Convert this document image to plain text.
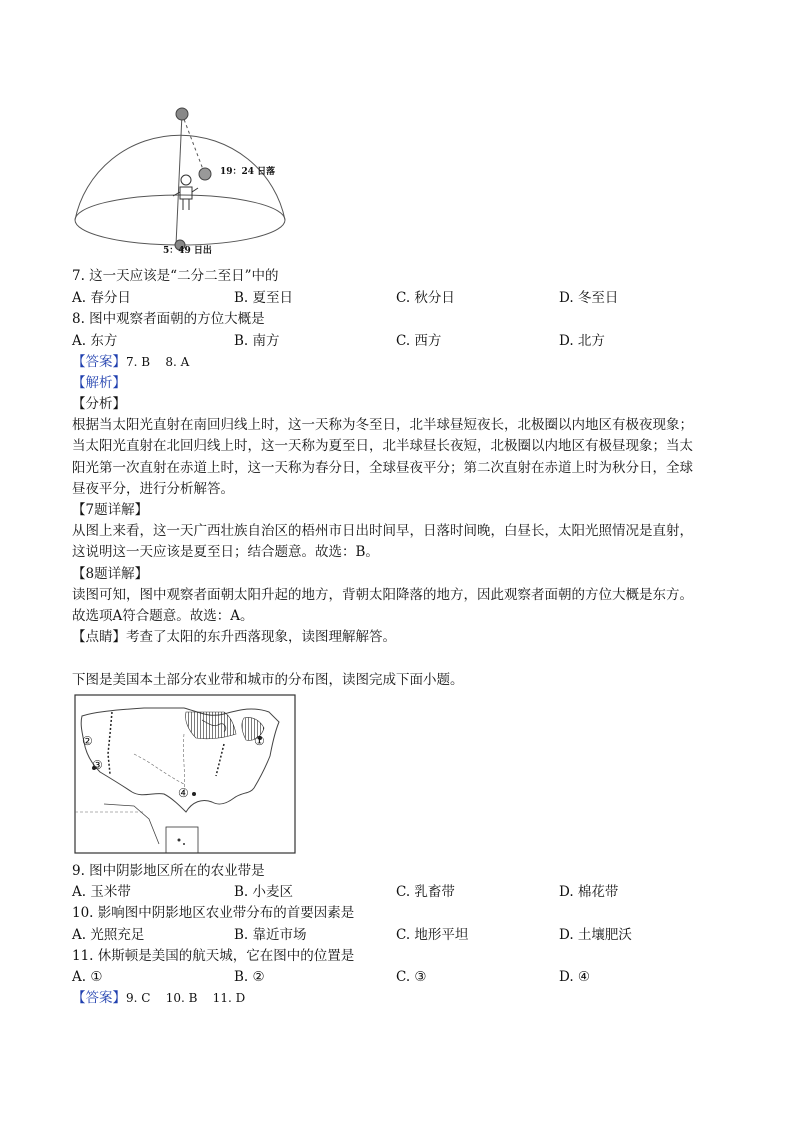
19：24 日落
5：49 日出
7. 这一天应该是“二分二至日”中的
A. 春分日	B. 夏至日	C. 秋分日	D. 冬至日
8. 图中观察者面朝的方位大概是
A. 东方	B. 南方	C. 西方	D. 北方
【答案】7. B    8. A
【解析】
【分析】
根据当太阳光直射在南回归线上时，这一天称为冬至日，北半球昼短夜长，北极圈以内地区有极夜现象；
当太阳光直射在北回归线上时，这一天称为夏至日，北半球昼长夜短，北极圈以内地区有极昼现象；当太
阳光第一次直射在赤道上时，这一天称为春分日，全球昼夜平分；第二次直射在赤道上时为秋分日，全球
昼夜平分，进行分析解答。
【7题详解】
从图上来看，这一天广西壮族自治区的梧州市日出时间早，日落时间晚，白昼长，太阳光照情况是直射，
这说明这一天应该是夏至日；结合题意。故选：B。
【8题详解】
读图可知，图中观察者面朝太阳升起的地方，背朝太阳降落的地方，因此观察者面朝的方位大概是东方。
故选项A符合题意。故选：A。
【点睛】考查了太阳的东升西落现象，读图理解解答。
下图是美国本土部分农业带和城市的分布图，读图完成下面小题。
②
③
①
④
9. 图中阴影地区所在的农业带是
A. 玉米带	B. 小麦区	C. 乳畜带	D. 棉花带
10. 影响图中阴影地区农业带分布的首要因素是
A. 光照充足	B. 靠近市场	C. 地形平坦	D. 土壤肥沃
11. 休斯顿是美国的航天城，它在图中的位置是
A. ①	B. ②	C. ③	D. ④
【答案】9. C    10. B    11. D
